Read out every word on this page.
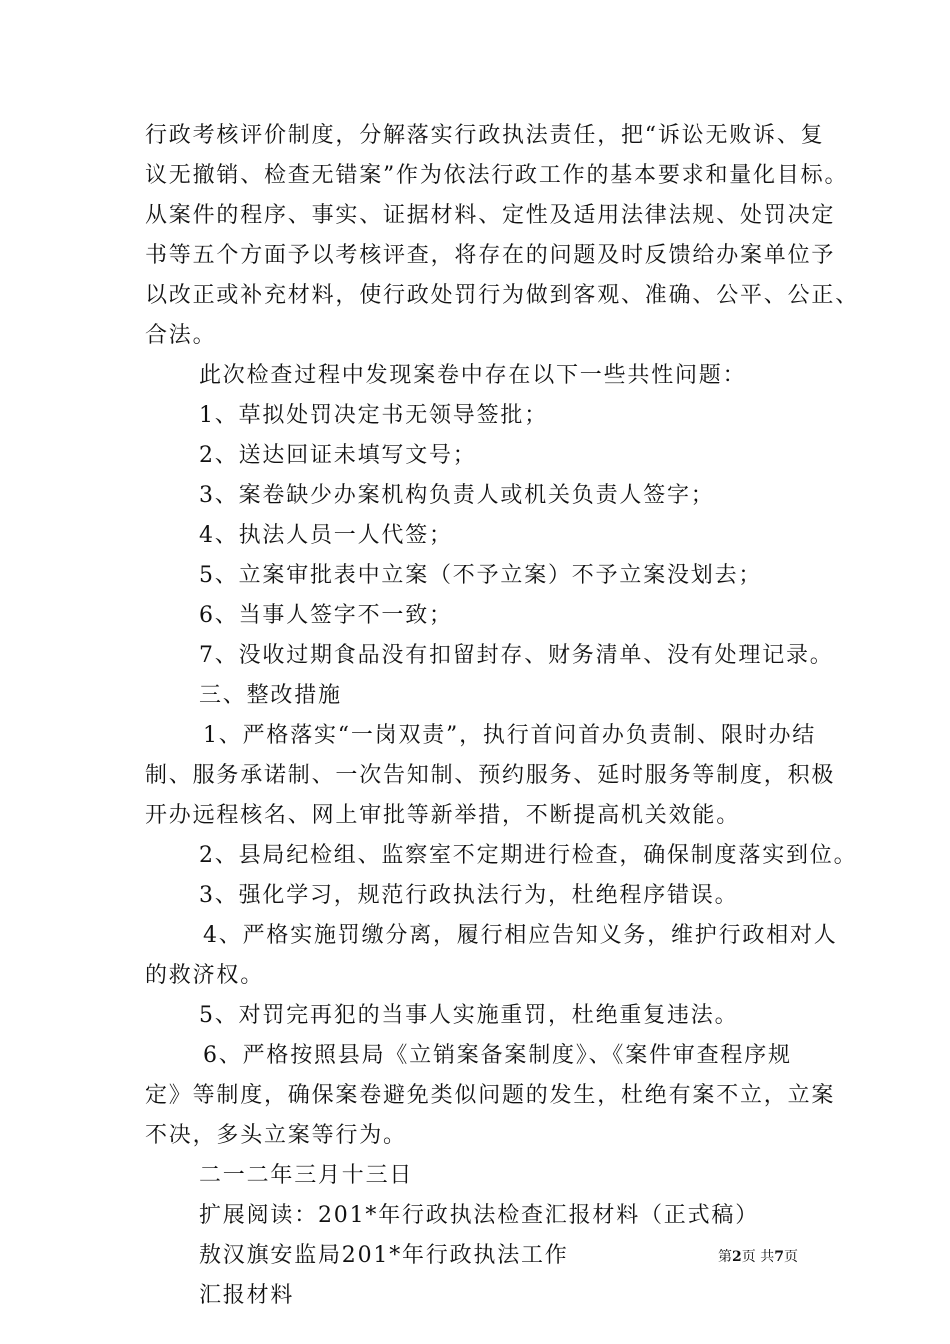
行政考核评价制度，分解落实行政执法责任，把“诉讼无败诉、复
议无撤销、检查无错案”作为依法行政工作的基本要求和量化目标。
从案件的程序、事实、证据材料、定性及适用法律法规、处罚决定
书等五个方面予以考核评查，将存在的问题及时反馈给办案单位予
以改正或补充材料，使行政处罚行为做到客观、准确、公平、公正、
合法。
此次检查过程中发现案卷中存在以下一些共性问题：
1、草拟处罚决定书无领导签批；
2、送达回证未填写文号；
3、案卷缺少办案机构负责人或机关负责人签字；
4、执法人员一人代签；
5、立案审批表中立案（不予立案）不予立案没划去；
6、当事人签字不一致；
7、没收过期食品没有扣留封存、财务清单、没有处理记录。
三、整改措施
1、严格落实“一岗双责”，执行首问首办负责制、限时办结
制、服务承诺制、一次告知制、预约服务、延时服务等制度，积极
开办远程核名、网上审批等新举措，不断提高机关效能。
2、县局纪检组、监察室不定期进行检查，确保制度落实到位。
3、强化学习，规范行政执法行为，杜绝程序错误。
4、严格实施罚缴分离，履行相应告知义务，维护行政相对人
的救济权。
5、对罚完再犯的当事人实施重罚，杜绝重复违法。
6、严格按照县局《立销案备案制度》、《案件审查程序规
定》等制度，确保案卷避免类似问题的发生，杜绝有案不立，立案
不决，多头立案等行为。
二一二年三月十三日
扩展阅读：201*年行政执法检查汇报材料（正式稿）
敖汉旗安监局201*年行政执法工作
汇报材料
第2页 共7页
